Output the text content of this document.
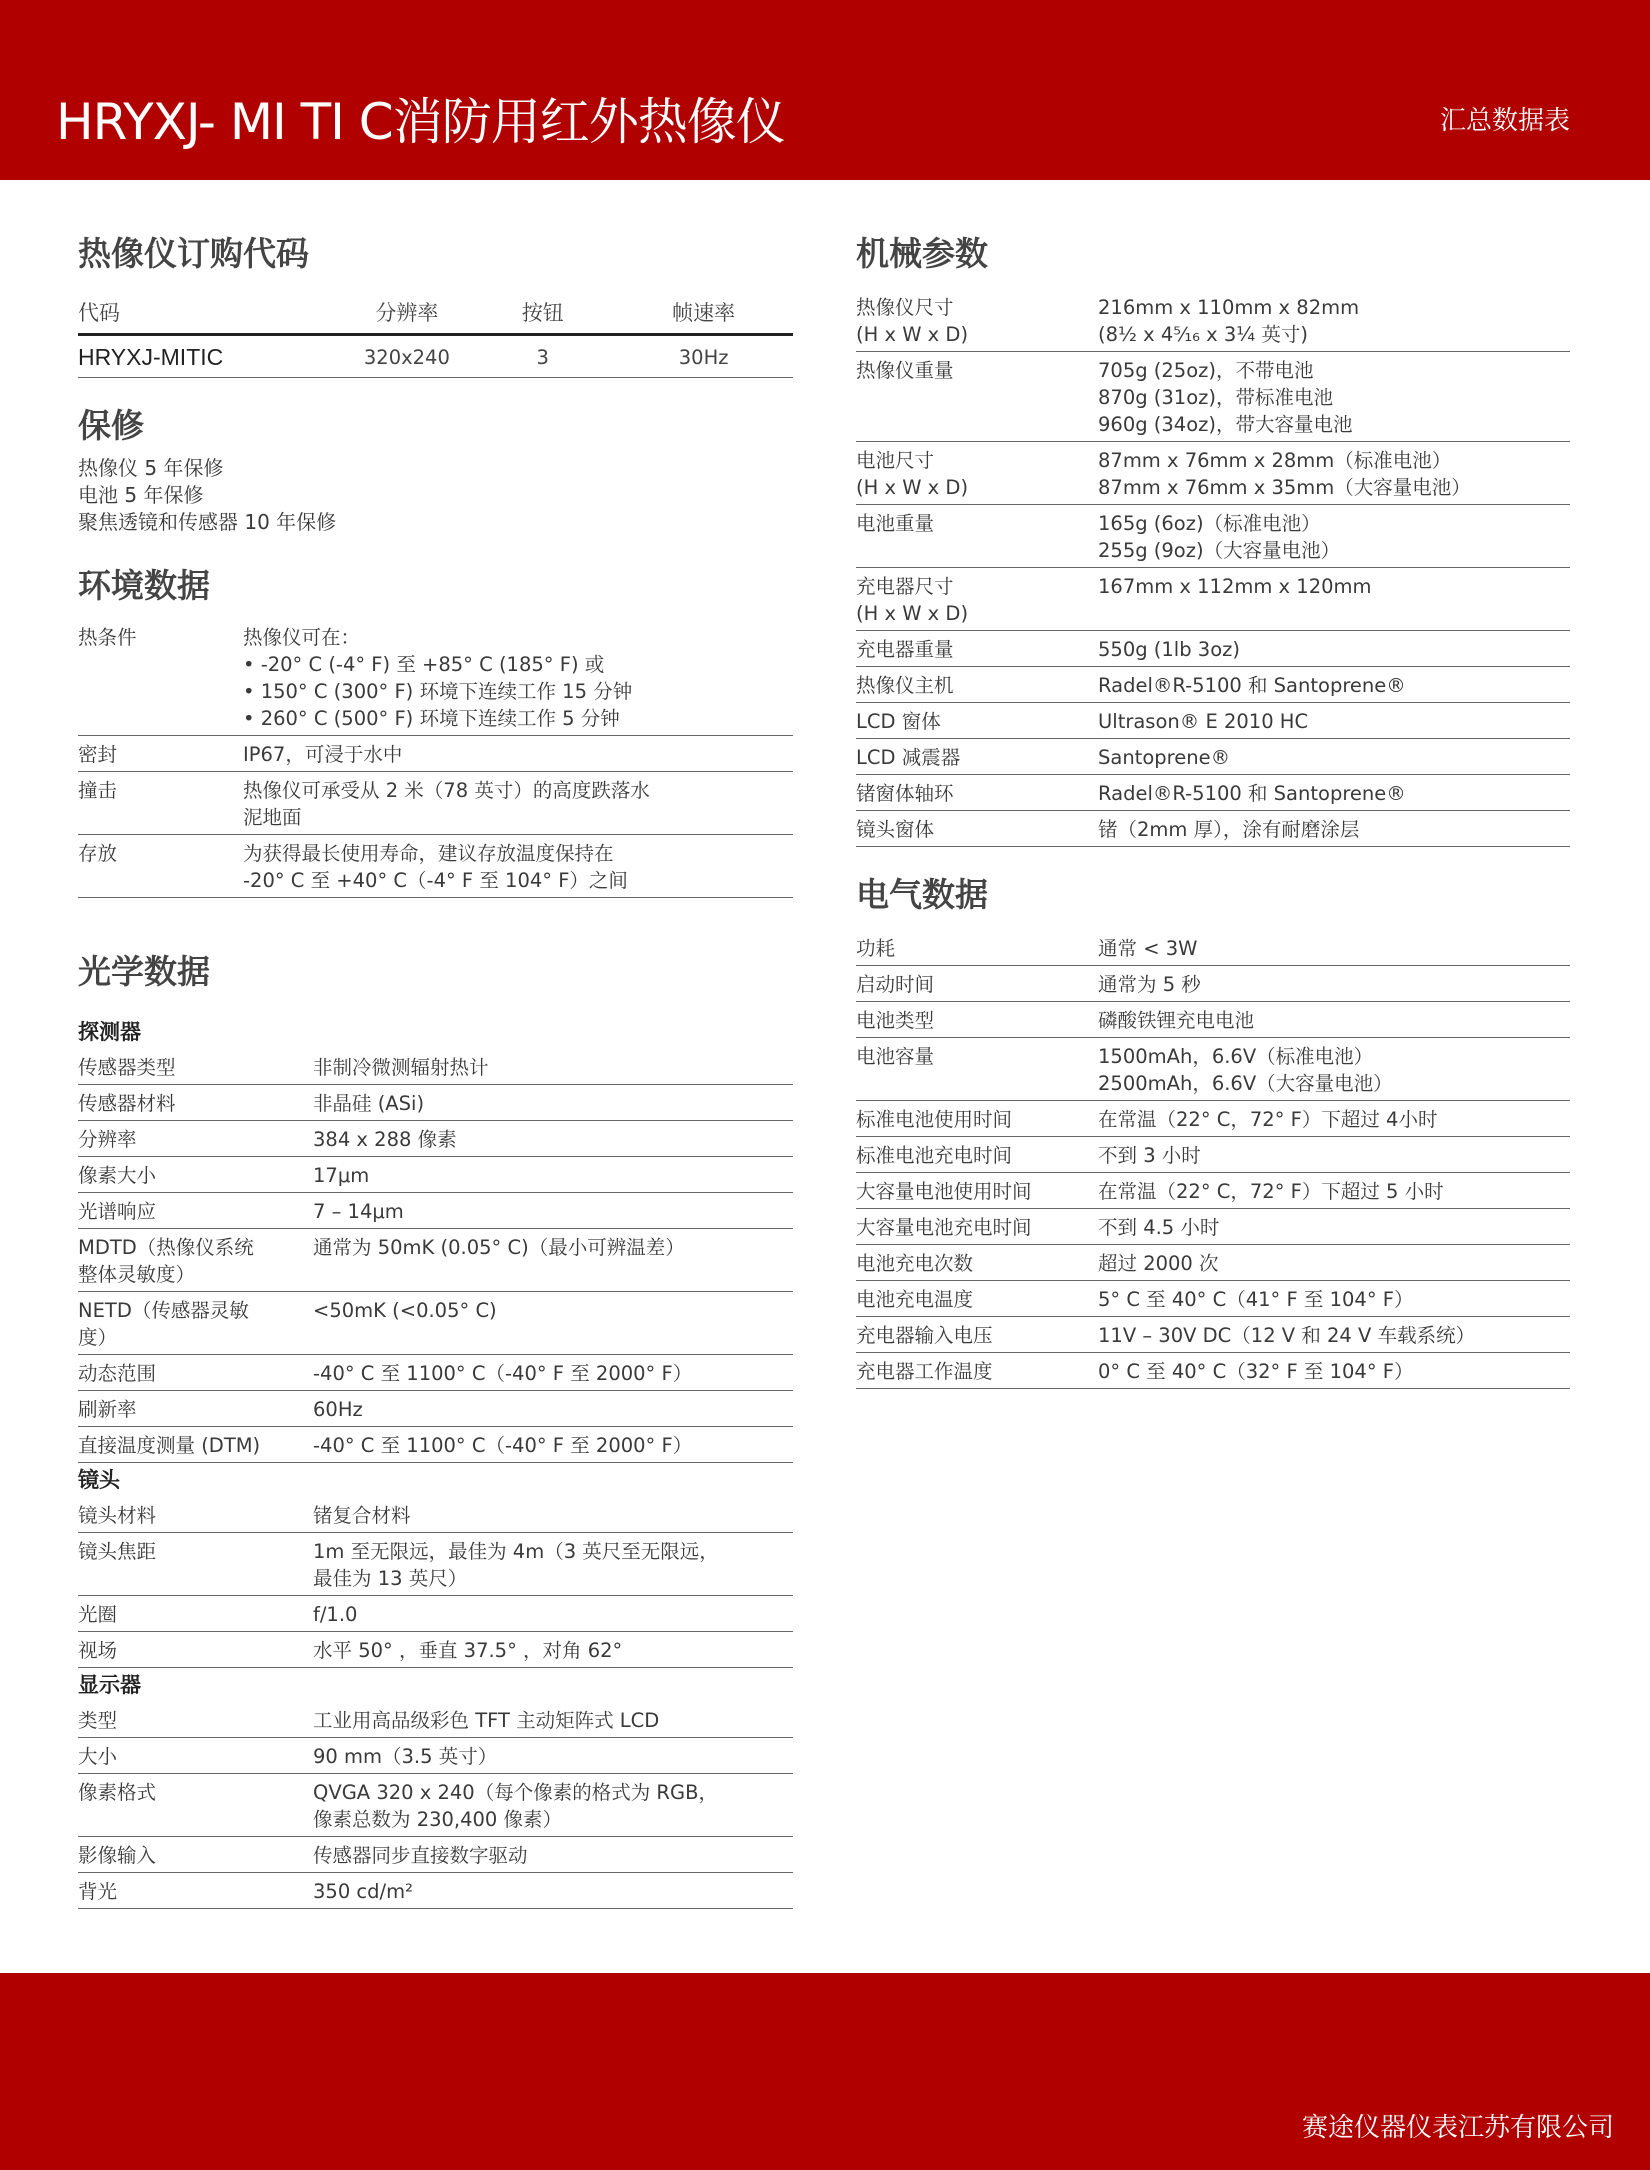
HRYXJ- MI TI C消防用红外热像仪	汇总数据表
赛途仪器仪表江苏有限公司
热像仪订购代码
代码	分辨率	按钮	帧速率
HRYXJ-MITIC	320x240	3	30Hz
保修
热像仪 5 年保修
电池 5 年保修
聚焦透镜和传感器 10 年保修
环境数据
热条件	热像仪可在：
• -20° C (-4° F) 至 +85° C (185° F) 或
• 150° C (300° F) 环境下连续工作 15 分钟
• 260° C (500° F) 环境下连续工作 5 分钟

密封	IP67，可浸于水中

撞击	热像仪可承受从 2 米（78 英寸）的高度跌落水
泥地面

存放	为获得最长使用寿命，建议存放温度保持在
-20° C 至 +40° C（-4° F 至 104° F）之间
光学数据
探测器
传感器类型	非制冷微测辐射热计

传感器材料	非晶硅 (ASi)

分辨率	384 x 288 像素

像素大小	17μm

光谱响应	7 – 14μm

MDTD（热像仪系统
整体灵敏度）	通常为 50mK (0.05° C)（最小可辨温差）

NETD（传感器灵敏
度）	<50mK (<0.05° C)

动态范围	-40° C 至 1100° C（-40° F 至 2000° F）

刷新率	60Hz

直接温度测量 (DTM)	-40° C 至 1100° C（-40° F 至 2000° F）
镜头
镜头材料	锗复合材料

镜头焦距	1m 至无限远，最佳为 4m（3 英尺至无限远，
最佳为 13 英尺）

光圈	f/1.0

视场	水平 50° ，垂直 37.5° ，对角 62°
显示器
类型	工业用高品级彩色 TFT 主动矩阵式 LCD

大小	90 mm（3.5 英寸）

像素格式	QVGA 320 x 240（每个像素的格式为 RGB，
像素总数为 230,400 像素）

影像输入	传感器同步直接数字驱动

背光	350 cd/m²
机械参数
热像仪尺寸
(H x W x D)	216mm x 110mm x 82mm
(8½ x 4⁵⁄₁₆ x 3¼ 英寸)

热像仪重量	705g (25oz)，不带电池
870g (31oz)，带标准电池
960g (34oz)，带大容量电池

电池尺寸
(H x W x D)	87mm x 76mm x 28mm（标准电池）
87mm x 76mm x 35mm（大容量电池）

电池重量	165g (6oz)（标准电池）
255g (9oz)（大容量电池）

充电器尺寸
(H x W x D)	167mm x 112mm x 120mm

充电器重量	550g (1lb 3oz)

热像仪主机	Radel®R-5100 和 Santoprene®

LCD 窗体	Ultrason® E 2010 HC

LCD 减震器	Santoprene®

锗窗体轴环	Radel®R-5100 和 Santoprene®

镜头窗体	锗（2mm 厚），涂有耐磨涂层
电气数据
功耗	通常 < 3W

启动时间	通常为 5 秒

电池类型	磷酸铁锂充电电池

电池容量	1500mAh，6.6V（标准电池）
2500mAh，6.6V（大容量电池）

标准电池使用时间	在常温（22° C，72° F）下超过 4小时

标准电池充电时间	不到 3 小时

大容量电池使用时间	在常温（22° C，72° F）下超过 5 小时

大容量电池充电时间	不到 4.5 小时

电池充电次数	超过 2000 次

电池充电温度	5° C 至 40° C（41° F 至 104° F）

充电器输入电压	11V – 30V DC（12 V 和 24 V 车载系统）

充电器工作温度	0° C 至 40° C（32° F 至 104° F）
